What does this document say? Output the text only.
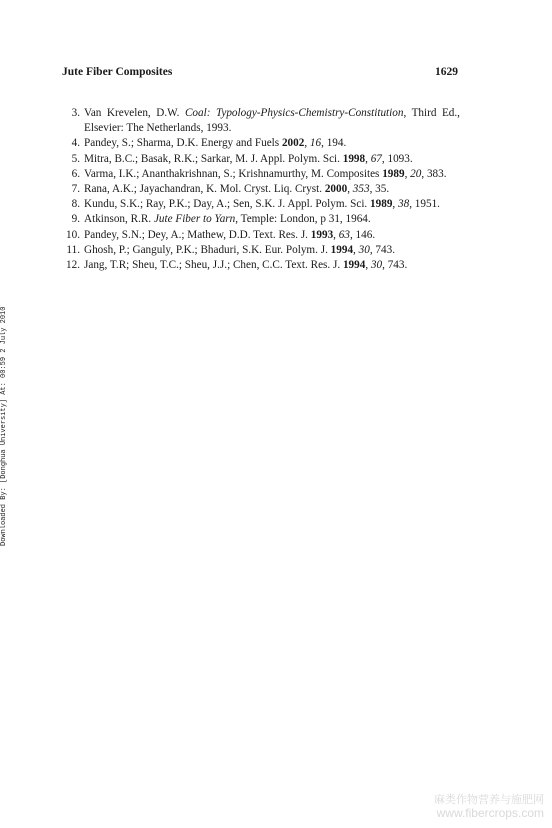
Jute Fiber Composites	1629
3. Van Krevelen, D.W. Coal: Typology-Physics-Chemistry-Constitution, Third Ed., Elsevier: The Netherlands, 1993.
4. Pandey, S.; Sharma, D.K. Energy and Fuels 2002, 16, 194.
5. Mitra, B.C.; Basak, R.K.; Sarkar, M. J. Appl. Polym. Sci. 1998, 67, 1093.
6. Varma, I.K.; Ananthakrishnan, S.; Krishnamurthy, M. Composites 1989, 20, 383.
7. Rana, A.K.; Jayachandran, K. Mol. Cryst. Liq. Cryst. 2000, 353, 35.
8. Kundu, S.K.; Ray, P.K.; Day, A.; Sen, S.K. J. Appl. Polym. Sci. 1989, 38, 1951.
9. Atkinson, R.R. Jute Fiber to Yarn, Temple: London, p 31, 1964.
10. Pandey, S.N.; Dey, A.; Mathew, D.D. Text. Res. J. 1993, 63, 146.
11. Ghosh, P.; Ganguly, P.K.; Bhaduri, S.K. Eur. Polym. J. 1994, 30, 743.
12. Jang, T.R; Sheu, T.C.; Sheu, J.J.; Chen, C.C. Text. Res. J. 1994, 30, 743.
Downloaded By: [Donghua University] At: 00:59 2 July 2010
麻类作物营养与施肥网
www.fibercrops.com
